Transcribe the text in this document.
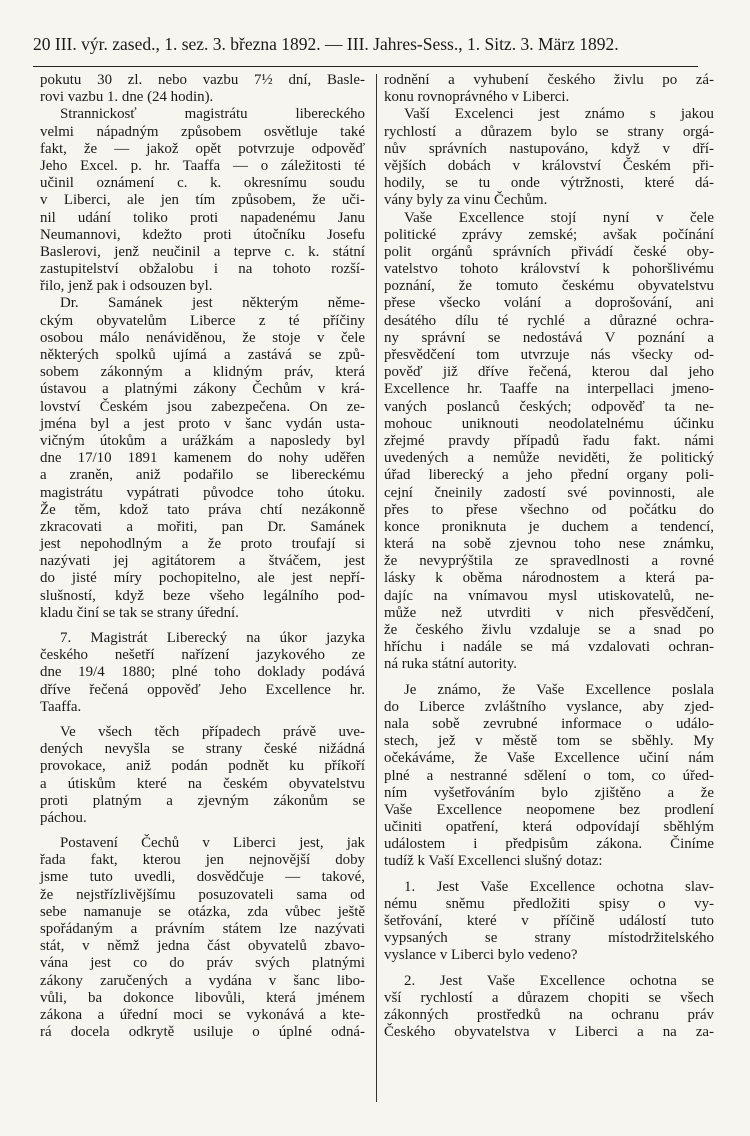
20 III. výr. zased., 1. sez. 3. března 1892. — III. Jahres-Sess., 1. Sitz. 3. März 1892.
pokutu 30 zl. nebo vazbu 7½ dní, Basle-
rovi vazbu 1. dne (24 hodin).
Strannickosť magistrátu libereckého
velmi nápadným způsobem osvětluje také
fakt, že — jakož opět potvrzuje odpověď
Jeho Excel. p. hr. Taaffa — o záležitosti té
učinil oznámení c. k. okresnímu soudu
v Liberci, ale jen tím způsobem, že uči-
nil udání toliko proti napadenému Janu
Neumannovi, kdežto proti útočníku Josefu
Baslerovi, jenž neučinil a teprve c. k. státní
zastupitelství obžalobu i na tohoto rozší-
řilo, jenž pak i odsouzen byl.
Dr. Samánek jest některým něme-
ckým obyvatelům Liberce z té příčiny
osobou málo nenáviděnou, že stoje v čele
některých spolků ujímá a zastává se způ-
sobem zákonným a klidným práv, která
ústavou a platnými zákony Čechům v krá-
lovství Českém jsou zabezpečena. On ze-
jména byl a jest proto v šanc vydán usta-
vičným útokům a urážkám a naposledy byl
dne 17/10 1891 kamenem do nohy uděřen
a zraněn, aniž podařilo se libereckému
magistrátu vypátrati původce toho útoku.
Že těm, kdož tato práva chtí nezákonně
zkracovati a mořiti, pan Dr. Samánek
jest nepohodlným a že proto troufají si
nazývati jej agitátorem a štváčem, jest
do jisté míry pochopitelno, ale jest nepří-
slušností, když beze všeho legálního pod-
kladu činí se tak se strany úřední.
7. Magistrát Liberecký na úkor jazyka
českého nešetří nařízení jazykového ze
dne 19/4 1880; plné toho doklady podává
dříve řečená oppověď Jeho Excellence hr.
Taaffa.
Ve všech těch případech právě uve-
dených nevyšla se strany české nižádná
provokace, aniž podán podnět ku příkoří
a útiskům které na českém obyvatelstvu
proti platným a zjevným zákonům se
páchou.
Postavení Čechů v Liberci jest, jak
řada fakt, kterou jen nejnovější doby
jsme tuto uvedli, dosvědčuje — takové,
že nejstřízlivějšímu posuzovateli sama od
sebe namanuje se otázka, zda vůbec ještě
spořádaným a právním státem lze nazývati
stát, v němž jedna část obyvatelů zbavo-
vána jest co do práv svých platnými
zákony zaručených a vydána v šanc libo-
vůli, ba dokonce libovůli, která jménem
zákona a úřední moci se vykonává a kte-
rá docela odkrytě usiluje o úplné odná-
rodnění a vyhubení českého živlu po zá-
konu rovnoprávného v Liberci.
Vaší Excelenci jest známo s jakou
rychlostí a důrazem bylo se strany orgá-
nův správních nastupováno, když v dří-
vějších dobách v království Českém při-
hodily, se tu onde výtržnosti, které dá-
vány byly za vinu Čechům.
Vaše Excellence stojí nyní v čele
politické zprávy zemské; avšak počínání
polit orgánů správních přivádí české oby-
vatelstvo tohoto království k pohoršlivému
poznání, že tomuto českému obyvatelstvu
přese všecko volání a doprošování, ani
desátého dílu té rychlé a důrazné ochra-
ny správní se nedostává V poznání a
přesvědčení tom utvrzuje nás všecky od-
pověď již dříve řečená, kterou dal jeho
Excellence hr. Taaffe na interpellaci jmeno-
vaných poslanců českých; odpověď ta ne-
mohouc uniknouti neodolatelnému účinku
zřejmé pravdy případů řadu fakt. námi
uvedených a nemůže neviděti, že politický
úřad liberecký a jeho přední organy poli-
cejní čneinily zadostí své povinnosti, ale
přes to přese všechno od počátku do
konce proniknuta je duchem a tendencí,
která na sobě zjevnou toho nese známku,
že nevyprýštila ze spravedlnosti a rovné
lásky k oběma národnostem a která pa-
dajíc na vnímavou mysl utiskovatelů, ne-
může než utvrditi v nich přesvědčení,
že českého živlu vzdaluje se a snad po
hříchu i nadále se má vzdalovati ochran-
ná ruka státní autority.
Je známo, že Vaše Excellence poslala
do Liberce zvláštního vyslance, aby zjed-
nala sobě zevrubné informace o událo-
stech, jež v městě tom se sběhly. My
očekáváme, že Vaše Excellence učiní nám
plné a nestranné sdělení o tom, co úřed-
ním vyšetřováním bylo zjištěno a že
Vaše Excellence neopomene bez prodlení
učiniti opatření, která odpovídají sběhlým
událostem i předpisům zákona. Činíme
tudíž k Vaší Excellenci slušný dotaz:
1. Jest Vaše Excellence ochotna slav-
nému sněmu předložiti spisy o vy-
šetřování, které v příčině událostí tuto
vypsaných se strany místodržitelského
vyslance v Liberci bylo vedeno?
2. Jest Vaše Excellence ochotna se
vší rychlostí a důrazem chopiti se všech
zákonných prostředků na ochranu práv
Českého obyvatelstva v Liberci a na za-
